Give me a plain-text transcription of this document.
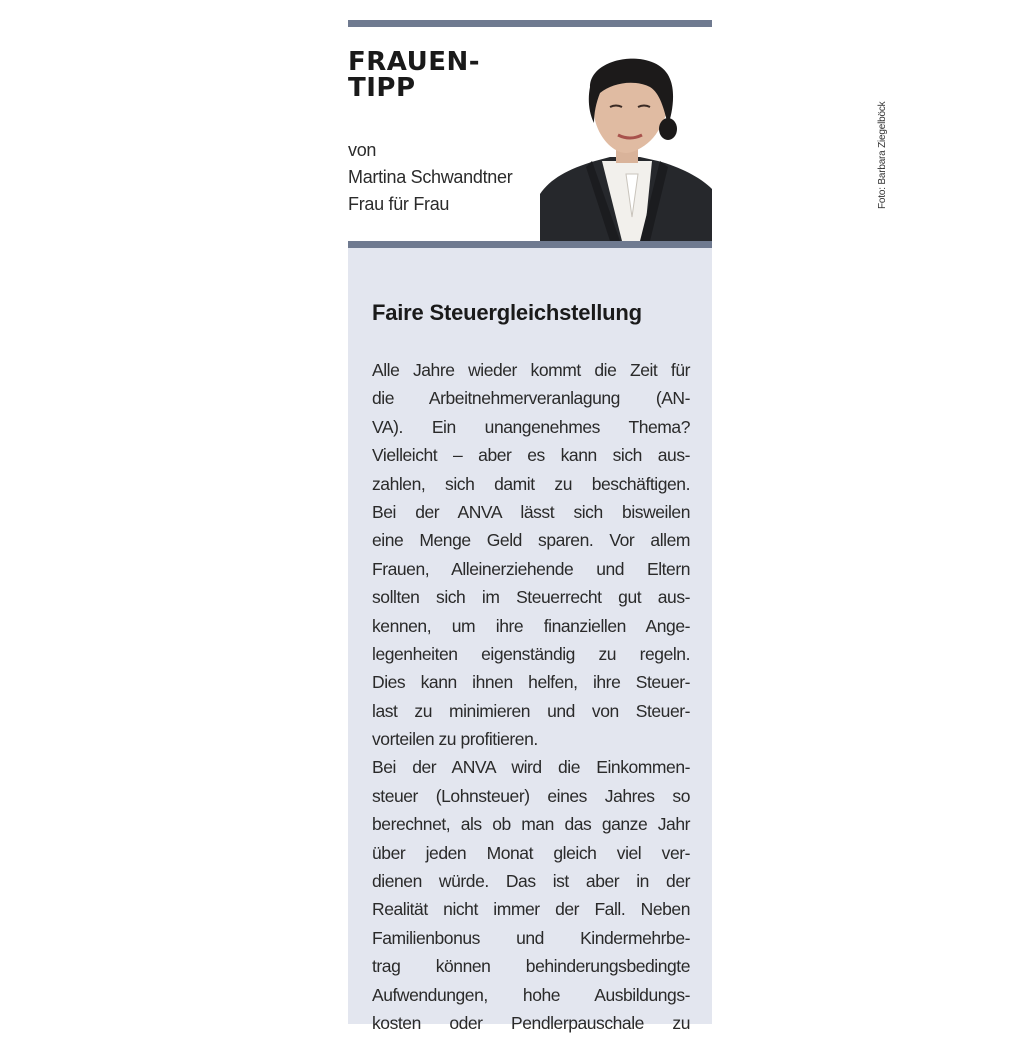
FRAUEN-
TIPP
von
Martina Schwandtner
Frau für Frau	Foto: Barbara Ziegelböck
Faire Steuergleichstellung
Alle Jahre wieder kommt die Zeit für
die Arbeitnehmerveranlagung (AN-
VA). Ein unangenehmes Thema?
Vielleicht – aber es kann sich aus-
zahlen, sich damit zu beschäftigen.
Bei der ANVA lässt sich bisweilen
eine Menge Geld sparen. Vor allem
Frauen, Alleinerziehende und Eltern
sollten sich im Steuerrecht gut aus-
kennen, um ihre finanziellen Ange-
legenheiten eigenständig zu regeln.
Dies kann ihnen helfen, ihre Steuer-
last zu minimieren und von Steuer-
vorteilen zu profitieren.
Bei der ANVA wird die Einkommen-
steuer (Lohnsteuer) eines Jahres so
berechnet, als ob man das ganze Jahr
über jeden Monat gleich viel ver-
dienen würde. Das ist aber in der
Realität nicht immer der Fall. Neben
Familienbonus und Kindermehrbe-
trag können behinderungsbedingte
Aufwendungen, hohe Ausbildungs-
kosten oder Pendlerpauschale zu
